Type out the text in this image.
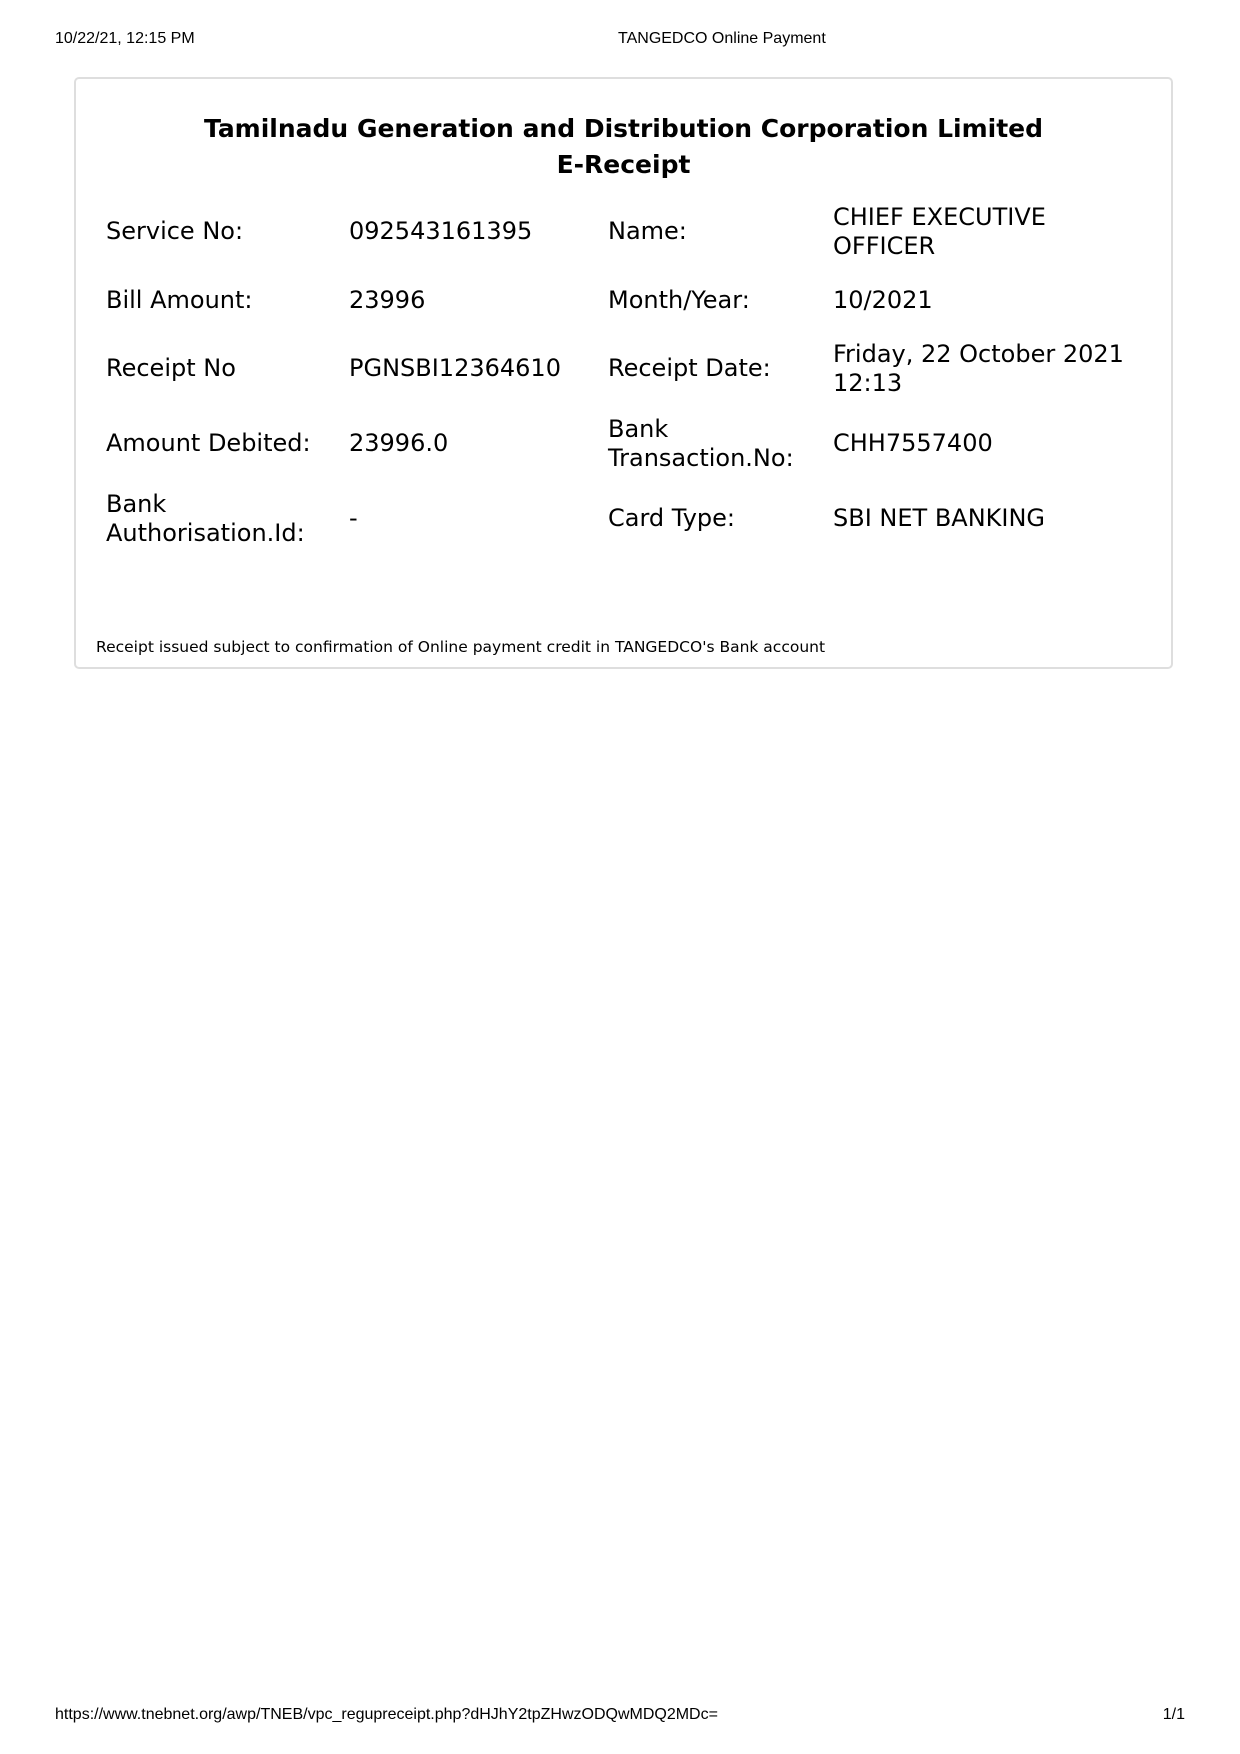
10/22/21, 12:15 PM	TANGEDCO Online Payment
Tamilnadu Generation and Distribution Corporation Limited
E-Receipt
Service No:	092543161395	Name:	CHIEF EXECUTIVE OFFICER
Bill Amount:	23996	Month/Year:	10/2021
Receipt No	PGNSBI12364610	Receipt Date:	Friday, 22 October 2021 12:13
Amount Debited:	23996.0	Bank Transaction.No:	CHH7557400
Bank Authorisation.Id:	-	Card Type:	SBI NET BANKING
Receipt issued subject to confirmation of Online payment credit in TANGEDCO's Bank account
https://www.tnebnet.org/awp/TNEB/vpc_regupreceipt.php?dHJhY2tpZHwzODQwMDQ2MDc=	1/1
